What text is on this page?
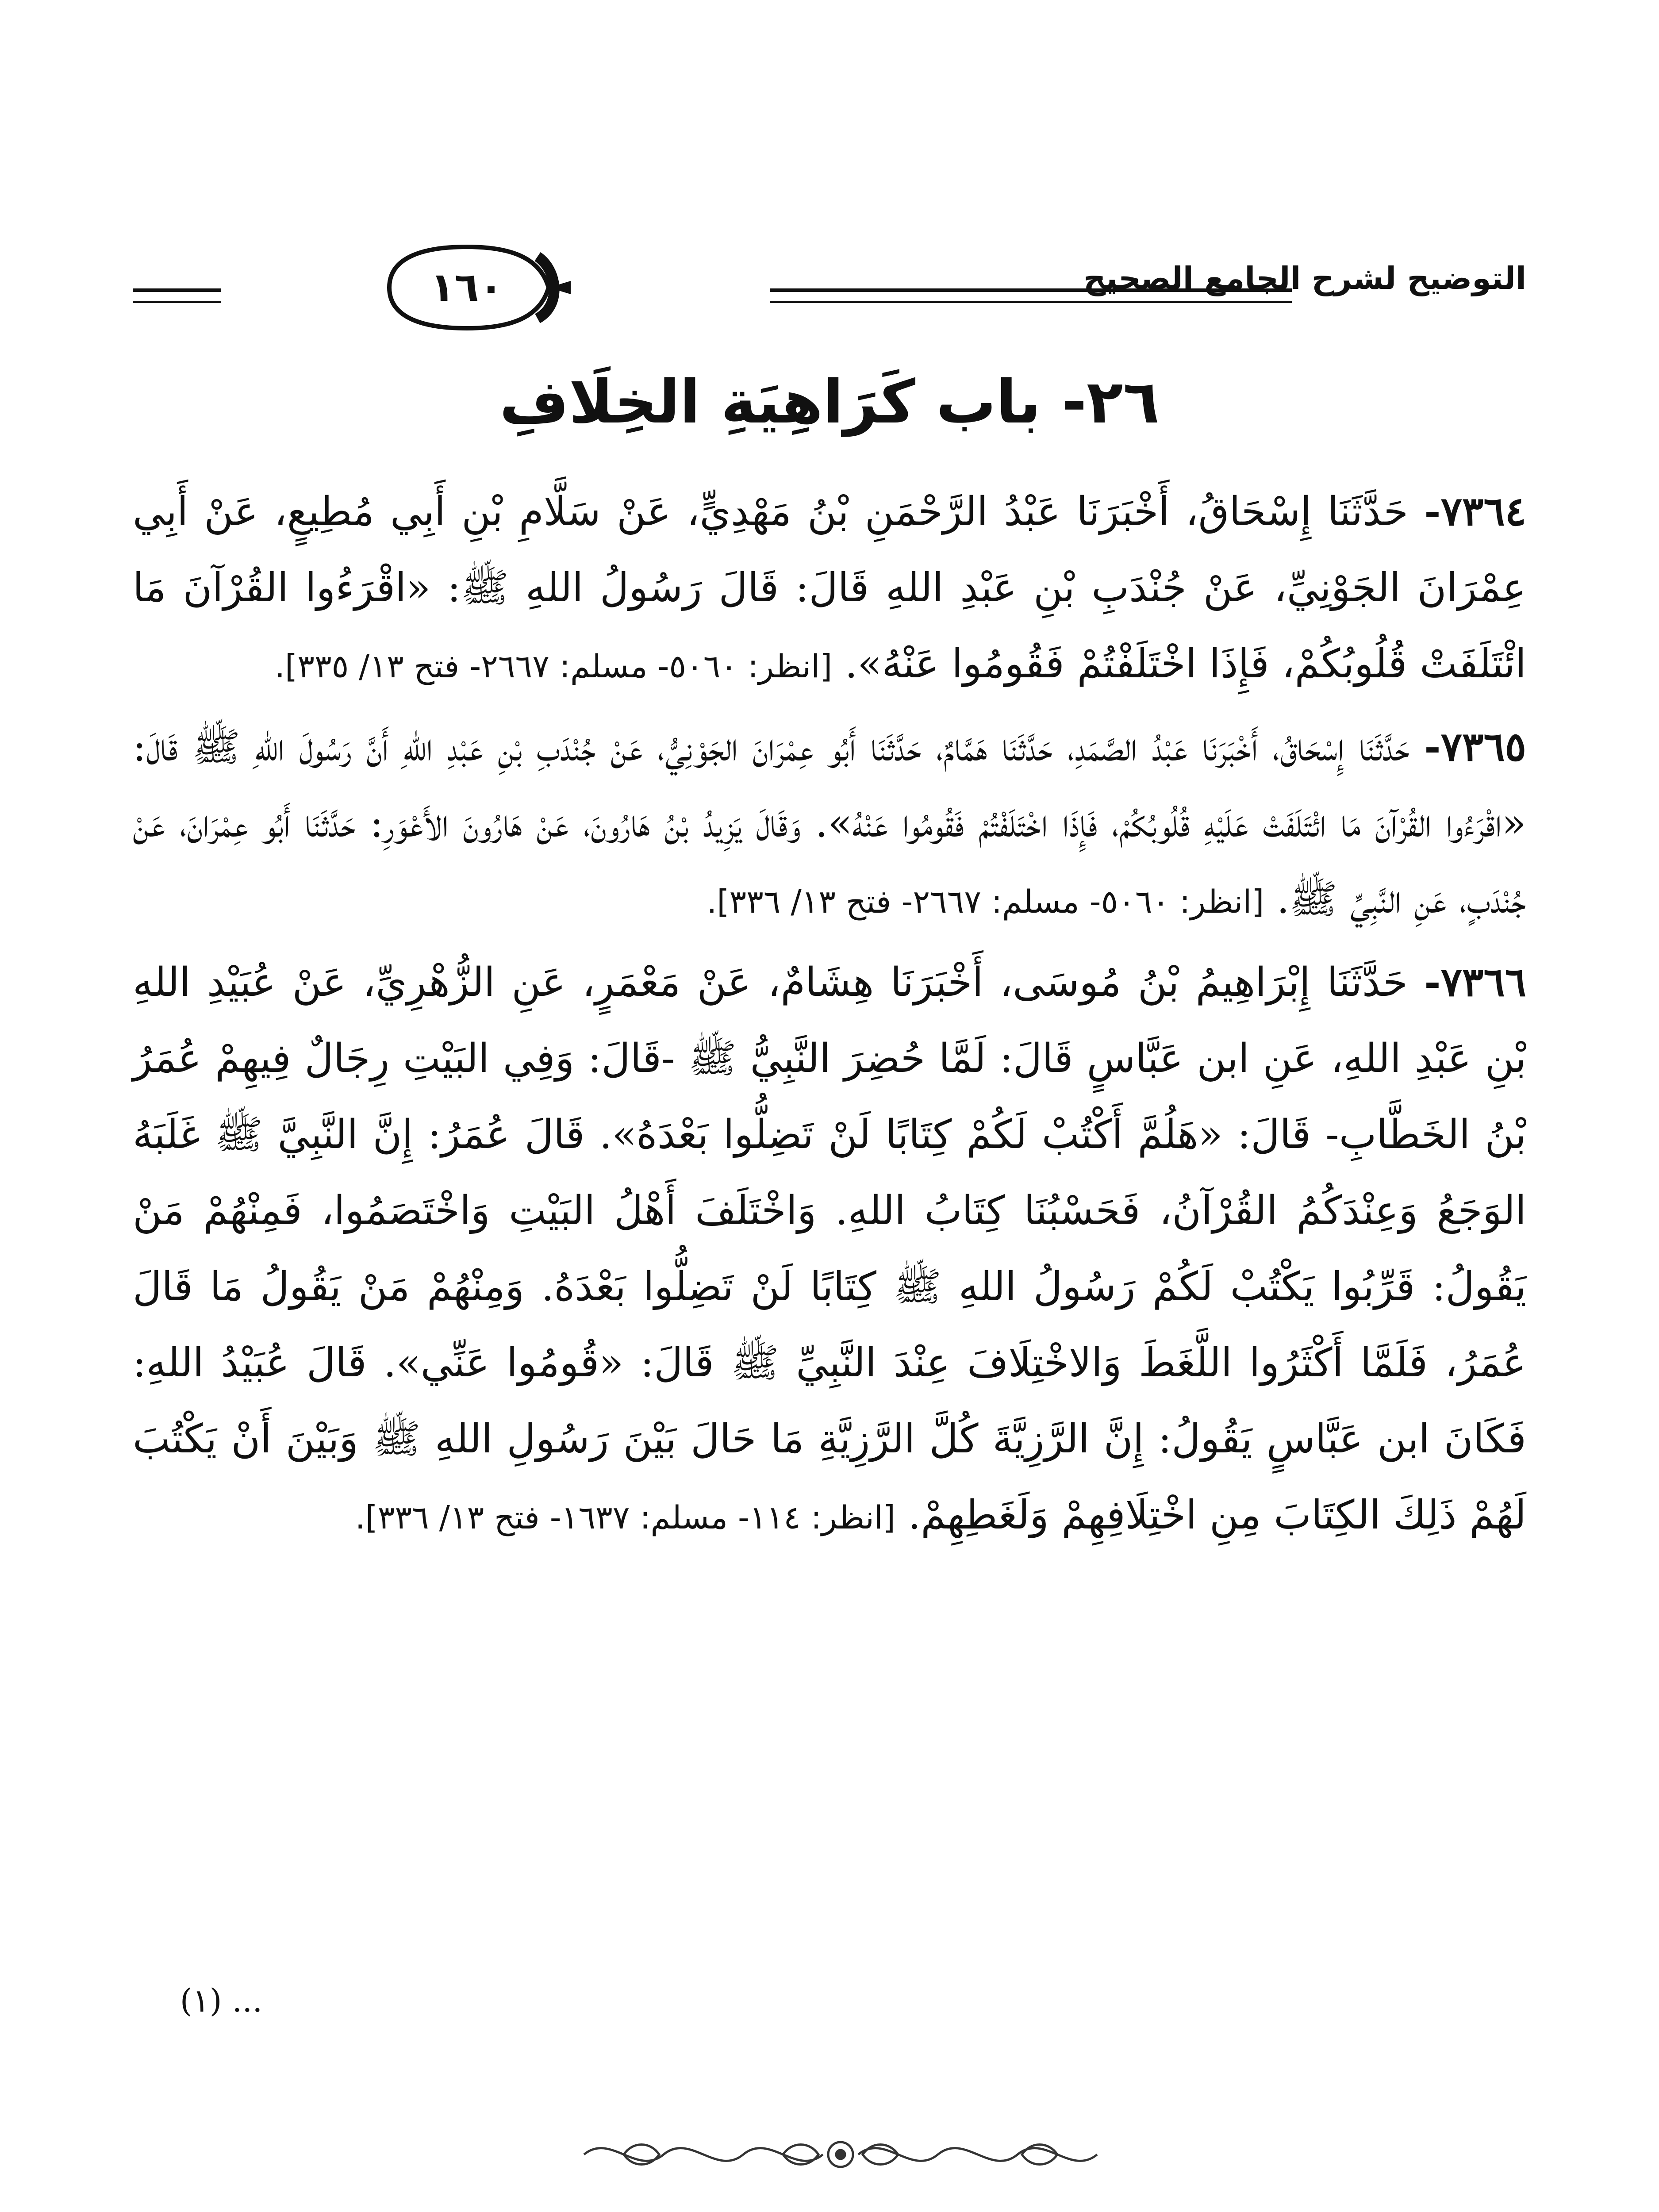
١٦٠	التوضيح لشرح الجامع الصحيح
٢٦- باب كَرَاهِيَةِ الخِلَافِ

٧٣٦٤- حَدَّثَنَا إِسْحَاقُ، أَخْبَرَنَا عَبْدُ الرَّحْمَنِ بْنُ مَهْدِيٍّ، عَنْ سَلَّامِ بْنِ أَبِي مُطِيعٍ، عَنْ أَبِي عِمْرَانَ الجَوْنِيِّ، عَنْ جُنْدَبِ بْنِ عَبْدِ اللهِ قَالَ: قَالَ رَسُولُ اللهِ ﷺ: «اقْرَءُوا القُرْآنَ مَا ائْتَلَفَتْ قُلُوبُكُمْ، فَإِذَا اخْتَلَفْتُمْ فَقُومُوا عَنْهُ». [انظر: ٥٠٦٠- مسلم: ٢٦٦٧- فتح ١٣/ ٣٣٥].

٧٣٦٥- حَدَّثَنَا إِسْحَاقُ، أَخْبَرَنَا عَبْدُ الصَّمَدِ، حَدَّثَنَا هَمَّامٌ، حَدَّثَنَا أَبُو عِمْرَانَ الجَوْنِيُّ، عَنْ جُنْدَبِ بْنِ عَبْدِ اللهِ أَنَّ رَسُولَ اللهِ ﷺ قَالَ: «اقْرَءُوا القُرْآنَ مَا ائْتَلَفَتْ عَلَيْهِ قُلُوبُكُمْ، فَإِذَا اخْتَلَفْتُمْ فَقُومُوا عَنْهُ». وَقَالَ يَزِيدُ بْنُ هَارُونَ، عَنْ هَارُونَ الأَعْوَرِ: حَدَّثَنَا أَبُو عِمْرَانَ، عَنْ جُنْدَبٍ، عَنِ النَّبِيِّ ﷺ. [انظر: ٥٠٦٠- مسلم: ٢٦٦٧- فتح ١٣/ ٣٣٦].

٧٣٦٦- حَدَّثَنَا إِبْرَاهِيمُ بْنُ مُوسَى، أَخْبَرَنَا هِشَامٌ، عَنْ مَعْمَرٍ، عَنِ الزُّهْرِيِّ، عَنْ عُبَيْدِ اللهِ بْنِ عَبْدِ اللهِ، عَنِ ابن عَبَّاسٍ قَالَ: لَمَّا حُضِرَ النَّبِيُّ ﷺ -قَالَ: وَفِي البَيْتِ رِجَالٌ فِيهِمْ عُمَرُ بْنُ الخَطَّابِ- قَالَ: «هَلُمَّ أَكْتُبْ لَكُمْ كِتَابًا لَنْ تَضِلُّوا بَعْدَهُ». قَالَ عُمَرُ: إِنَّ النَّبِيَّ ﷺ غَلَبَهُ الوَجَعُ وَعِنْدَكُمُ القُرْآنُ، فَحَسْبُنَا كِتَابُ اللهِ. وَاخْتَلَفَ أَهْلُ البَيْتِ وَاخْتَصَمُوا، فَمِنْهُمْ مَنْ يَقُولُ: قَرِّبُوا يَكْتُبْ لَكُمْ رَسُولُ اللهِ ﷺ كِتَابًا لَنْ تَضِلُّوا بَعْدَهُ. وَمِنْهُمْ مَنْ يَقُولُ مَا قَالَ عُمَرُ، فَلَمَّا أَكْثَرُوا اللَّغَطَ وَالاخْتِلَافَ عِنْدَ النَّبِيِّ ﷺ قَالَ: «قُومُوا عَنِّي». قَالَ عُبَيْدُ اللهِ: فَكَانَ ابن عَبَّاسٍ يَقُولُ: إِنَّ الرَّزِيَّةَ كُلَّ الرَّزِيَّةِ مَا حَالَ بَيْنَ رَسُولِ اللهِ ﷺ وَبَيْنَ أَنْ يَكْتُبَ لَهُمْ ذَلِكَ الكِتَابَ مِنِ اخْتِلَافِهِمْ وَلَغَطِهِمْ. [انظر: ١١٤- مسلم: ١٦٣٧- فتح ١٣/ ٣٣٦].

(١) ...
